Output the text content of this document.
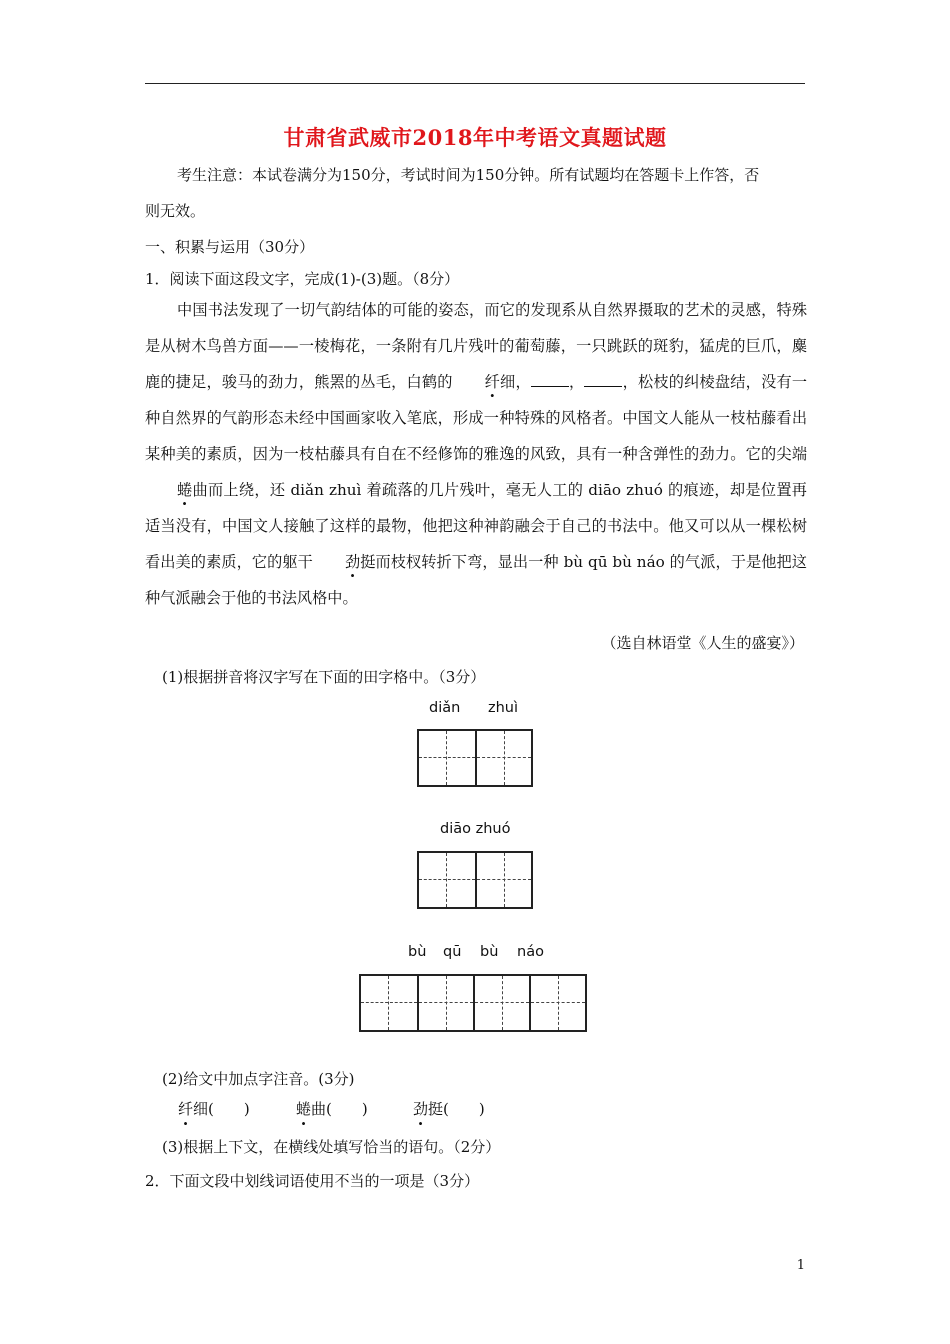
甘肃省武威市2018年中考语文真题试题
考生注意：本试卷满分为150分，考试时间为150分钟。所有试题均在答题卡上作答，否
则无效。
一、积累与运用（30分）
1．阅读下面这段文字，完成(1)-(3)题。（8分）
中国书法发现了一切气韵结体的可能的姿态，而它的发现系从自然界摄取的艺术的灵感，特殊是从树木鸟兽方面——一棱梅花，一条附有几片残叶的葡萄藤，一只跳跃的斑豹，猛虎的巨爪，麋鹿的捷足，骏马的劲力，熊罴的丛毛，白鹤的 纤细，	，	，松枝的纠棱盘结，没有一种自然界的气韵形态未经中国画家收入笔底，形成一种特殊的风格者。中国文人能从一枝枯藤看出某种美的素质，因为一枝枯藤具有自在不经修饰的雅逸的风致，具有一种含弹性的劲力。它的尖端蜷曲而上绕，还 diǎn zhuì 着疏落的几片残叶，毫无人工的 diāo zhuó 的痕迹，却是位置再适当没有，中国文人接触了这样的最物，他把这种神韵融会于自己的书法中。他又可以从一棵松树看出美的素质，它的躯干 劲挺而枝杈转折下弯，显出一种 bù qū bù náo 的气派，于是他把这种气派融会于他的书法风格中。
（选自林语堂《人生的盛宴》）
(1)根据拼音将汉字写在下面的田字格中。（3分）
diǎn zhuì
diāo zhuó
bù qū bù náo
(2)给文中加点字注音。(3分)
纤细(　　)	蜷曲(　　)	劲挺(　　)
(3)根据上下文，在横线处填写恰当的语句。（2分）
2．下面文段中划线词语使用不当的一项是（3分）
1
